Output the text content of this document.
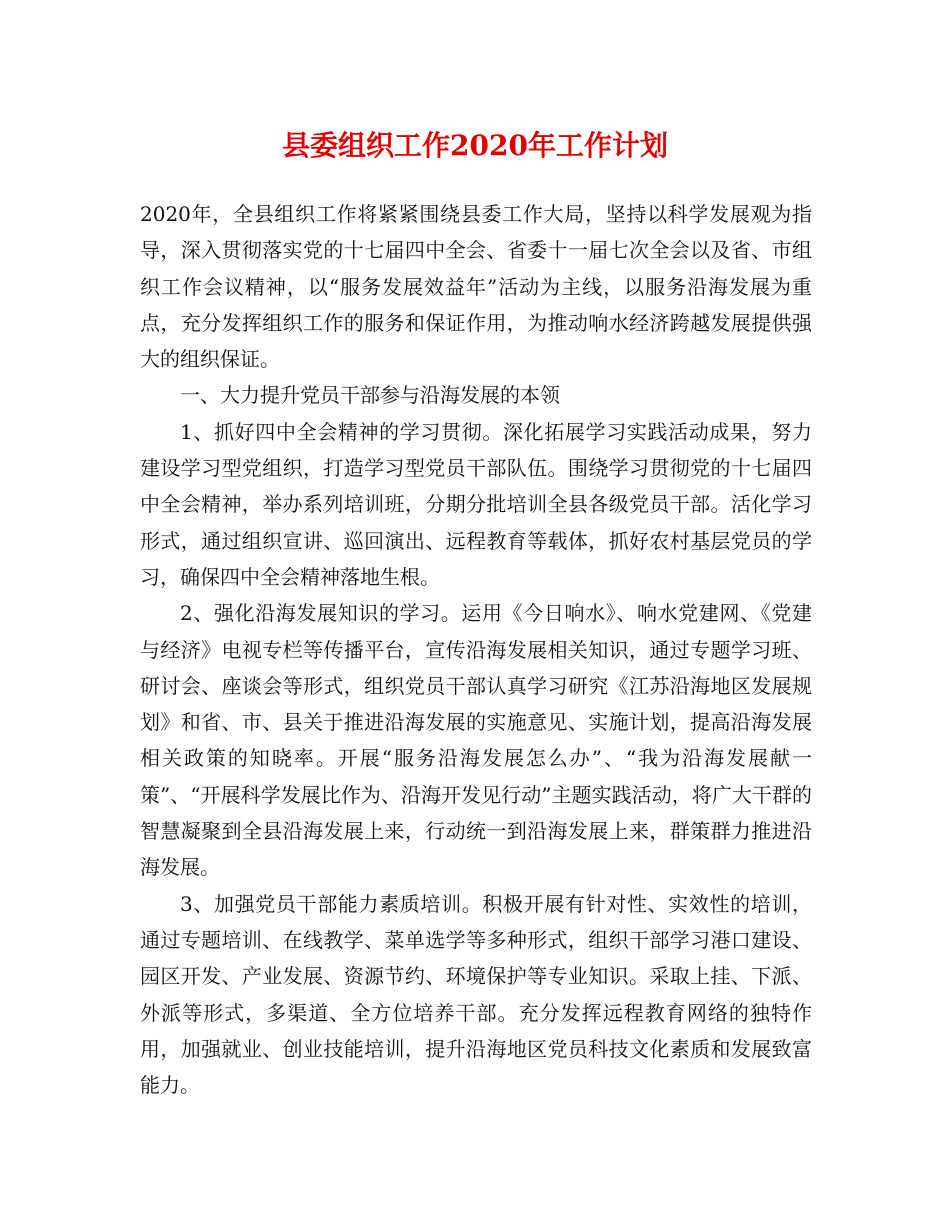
县委组织工作2020年工作计划

2020年，全县组织工作将紧紧围绕县委工作大局，坚持以科学发展观为指导，深入贯彻落实党的十七届四中全会、省委十一届七次全会以及省、市组织工作会议精神，以“服务发展效益年”活动为主线，以服务沿海发展为重点，充分发挥组织工作的服务和保证作用，为推动响水经济跨越发展提供强大的组织保证。

一、大力提升党员干部参与沿海发展的本领

1、抓好四中全会精神的学习贯彻。深化拓展学习实践活动成果，努力建设学习型党组织，打造学习型党员干部队伍。围绕学习贯彻党的十七届四中全会精神，举办系列培训班，分期分批培训全县各级党员干部。活化学习形式，通过组织宣讲、巡回演出、远程教育等载体，抓好农村基层党员的学习，确保四中全会精神落地生根。

2、强化沿海发展知识的学习。运用《今日响水》、响水党建网、《党建与经济》电视专栏等传播平台，宣传沿海发展相关知识，通过专题学习班、研讨会、座谈会等形式，组织党员干部认真学习研究《江苏沿海地区发展规划》和省、市、县关于推进沿海发展的实施意见、实施计划，提高沿海发展相关政策的知晓率。开展“服务沿海发展怎么办”、“我为沿海发展献一策”、“开展科学发展比作为、沿海开发见行动”主题实践活动，将广大干群的智慧凝聚到全县沿海发展上来，行动统一到沿海发展上来，群策群力推进沿海发展。

3、加强党员干部能力素质培训。积极开展有针对性、实效性的培训，通过专题培训、在线教学、菜单选学等多种形式，组织干部学习港口建设、园区开发、产业发展、资源节约、环境保护等专业知识。采取上挂、下派、外派等形式，多渠道、全方位培养干部。充分发挥远程教育网络的独特作用，加强就业、创业技能培训，提升沿海地区党员科技文化素质和发展致富能力。
